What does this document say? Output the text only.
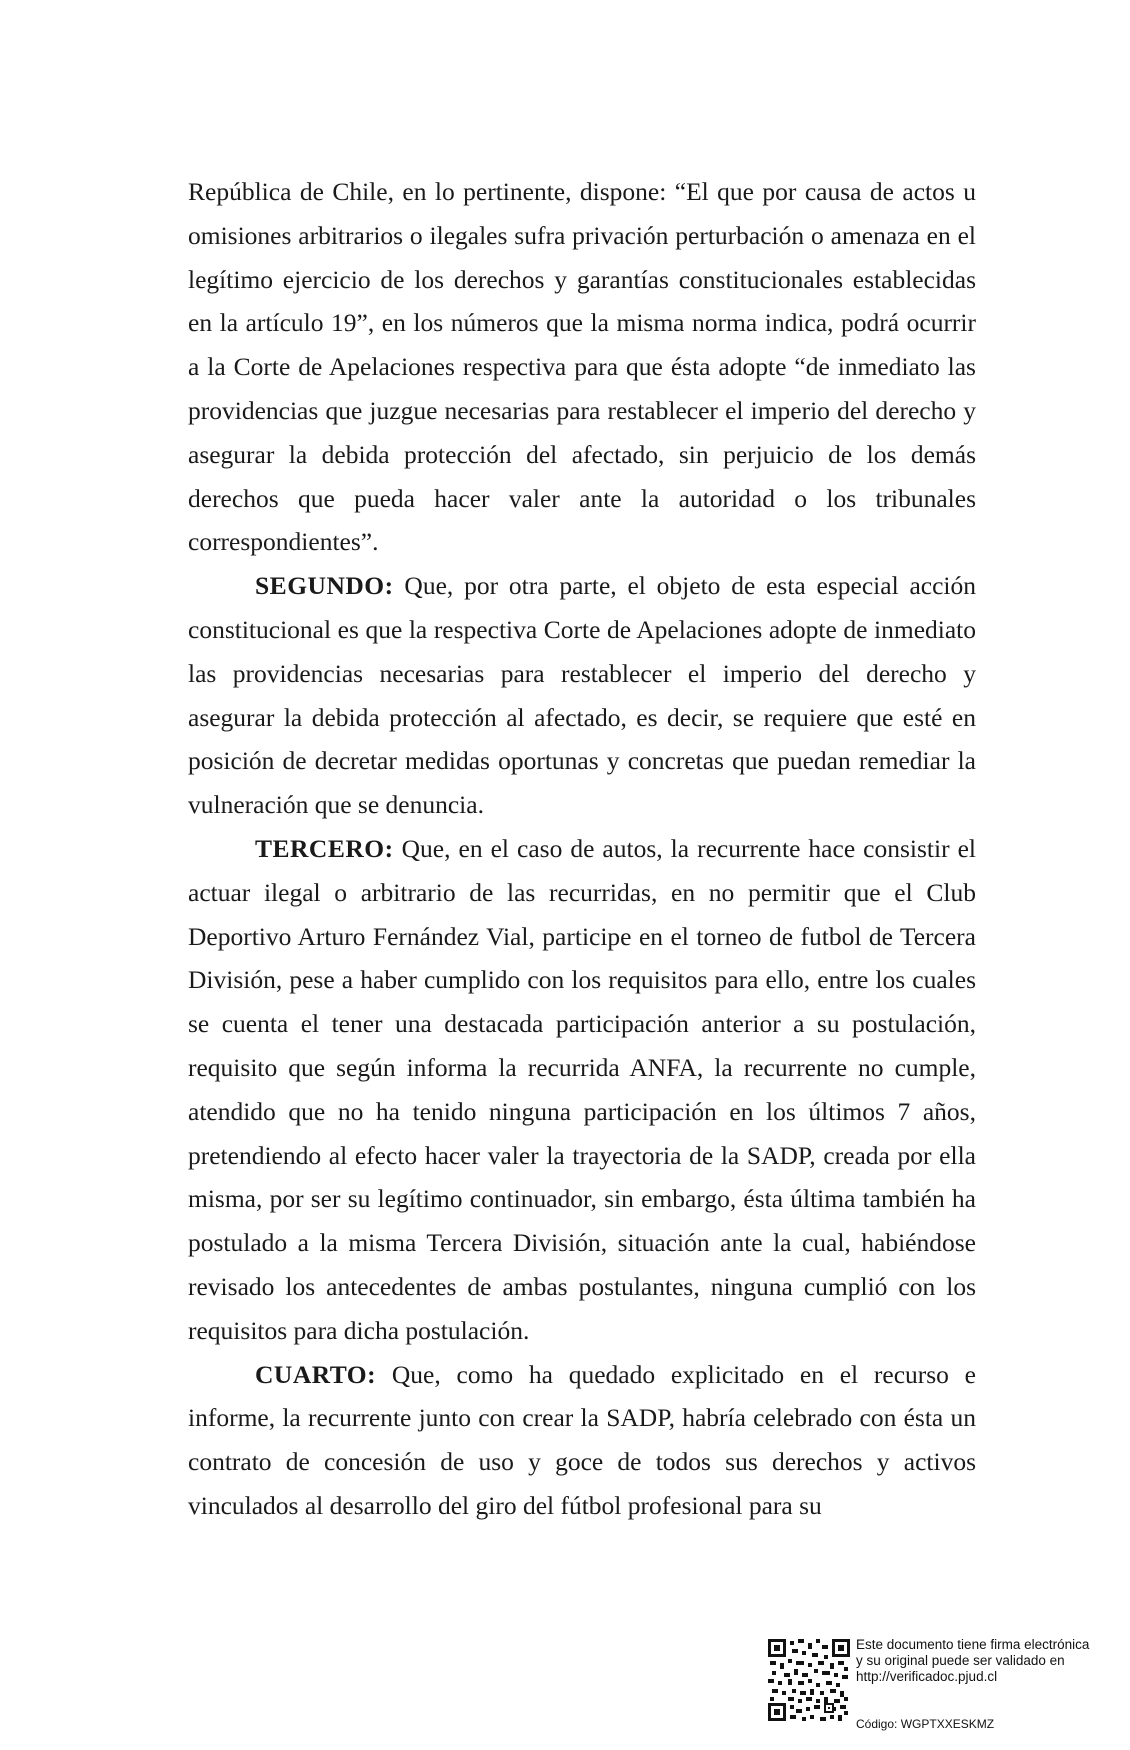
República de Chile, en lo pertinente, dispone: “El que por causa de actos u omisiones arbitrarios o ilegales sufra privación perturbación o amenaza en el legítimo ejercicio de los derechos y garantías constitucionales establecidas en la artículo 19”, en los números que la misma norma indica, podrá ocurrir a la Corte de Apelaciones respectiva para que ésta adopte “de inmediato las providencias que juzgue necesarias para restablecer el imperio del derecho y asegurar la debida protección del afectado, sin perjuicio de los demás derechos que pueda hacer valer ante la autoridad o los tribunales correspondientes”.

SEGUNDO: Que, por otra parte, el objeto de esta especial acción constitucional es que la respectiva Corte de Apelaciones adopte de inmediato las providencias necesarias para restablecer el imperio del derecho y asegurar la debida protección al afectado, es decir, se requiere que esté en posición de decretar medidas oportunas y concretas que puedan remediar la vulneración que se denuncia.

TERCERO: Que, en el caso de autos, la recurrente hace consistir el actuar ilegal o arbitrario de las recurridas, en no permitir que el Club Deportivo Arturo Fernández Vial, participe en el torneo de futbol de Tercera División, pese a haber cumplido con los requisitos para ello, entre los cuales se cuenta el tener una destacada participación anterior a su postulación, requisito que según informa la recurrida ANFA, la recurrente no cumple, atendido que no ha tenido ninguna participación en los últimos 7 años, pretendiendo al efecto hacer valer la trayectoria de la SADP, creada por ella misma, por ser su legítimo continuador, sin embargo, ésta última también ha postulado a la misma Tercera División, situación ante la cual, habiéndose revisado los antecedentes de ambas postulantes, ninguna cumplió con los requisitos para dicha postulación.

CUARTO: Que, como ha quedado explicitado en el recurso e informe, la recurrente junto con crear la SADP, habría celebrado con ésta un contrato de concesión de uso y goce de todos sus derechos y activos vinculados al desarrollo del giro del fútbol profesional para su

Este documento tiene firma electrónica
y su original puede ser validado en
http://verificadoc.pjud.cl
Código: WGPTXXESKMZ
